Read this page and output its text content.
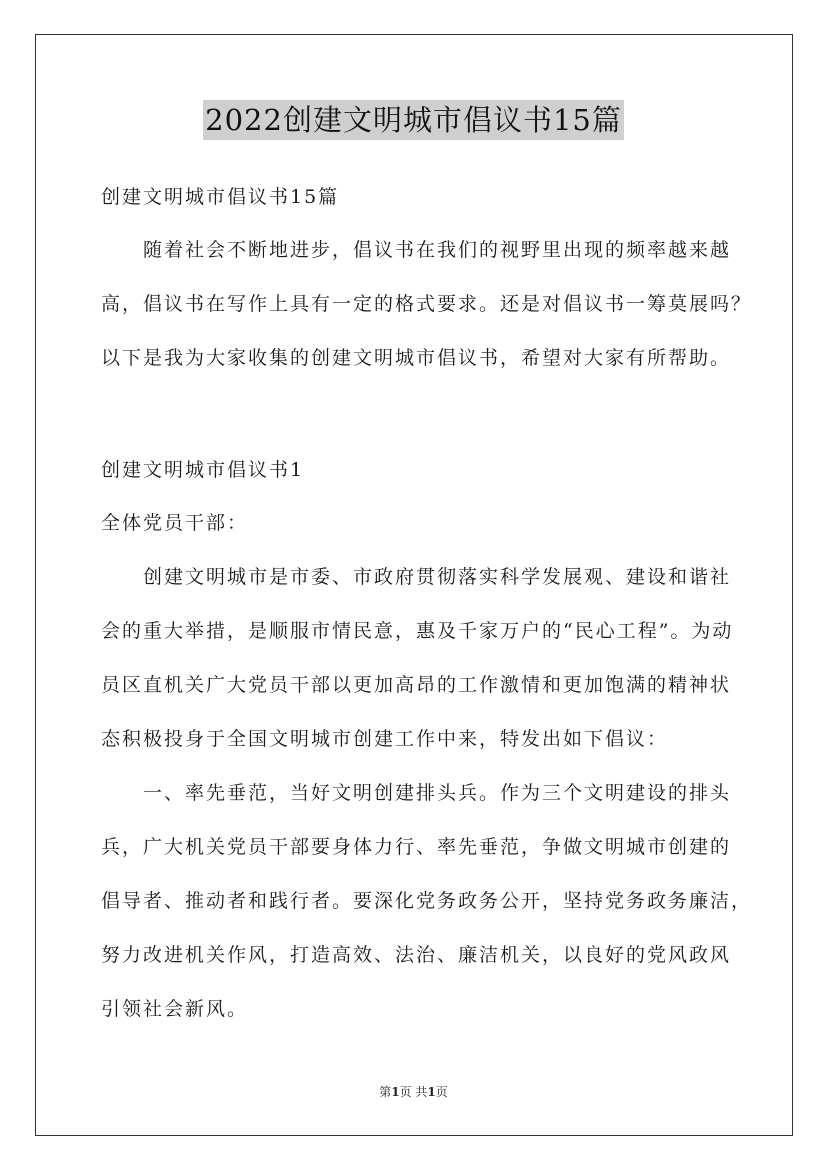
2022创建文明城市倡议书15篇
创建文明城市倡议书15篇
随着社会不断地进步，倡议书在我们的视野里出现的频率越来越
高，倡议书在写作上具有一定的格式要求。还是对倡议书一筹莫展吗？
以下是我为大家收集的创建文明城市倡议书，希望对大家有所帮助。
创建文明城市倡议书1
全体党员干部：
创建文明城市是市委、市政府贯彻落实科学发展观、建设和谐社
会的重大举措，是顺服市情民意，惠及千家万户的“民心工程”。为动
员区直机关广大党员干部以更加高昂的工作激情和更加饱满的精神状
态积极投身于全国文明城市创建工作中来，特发出如下倡议：
一、率先垂范，当好文明创建排头兵。作为三个文明建设的排头
兵，广大机关党员干部要身体力行、率先垂范，争做文明城市创建的
倡导者、推动者和践行者。要深化党务政务公开，坚持党务政务廉洁，
努力改进机关作风，打造高效、法治、廉洁机关，以良好的党风政风
引领社会新风。
第1页 共1页
